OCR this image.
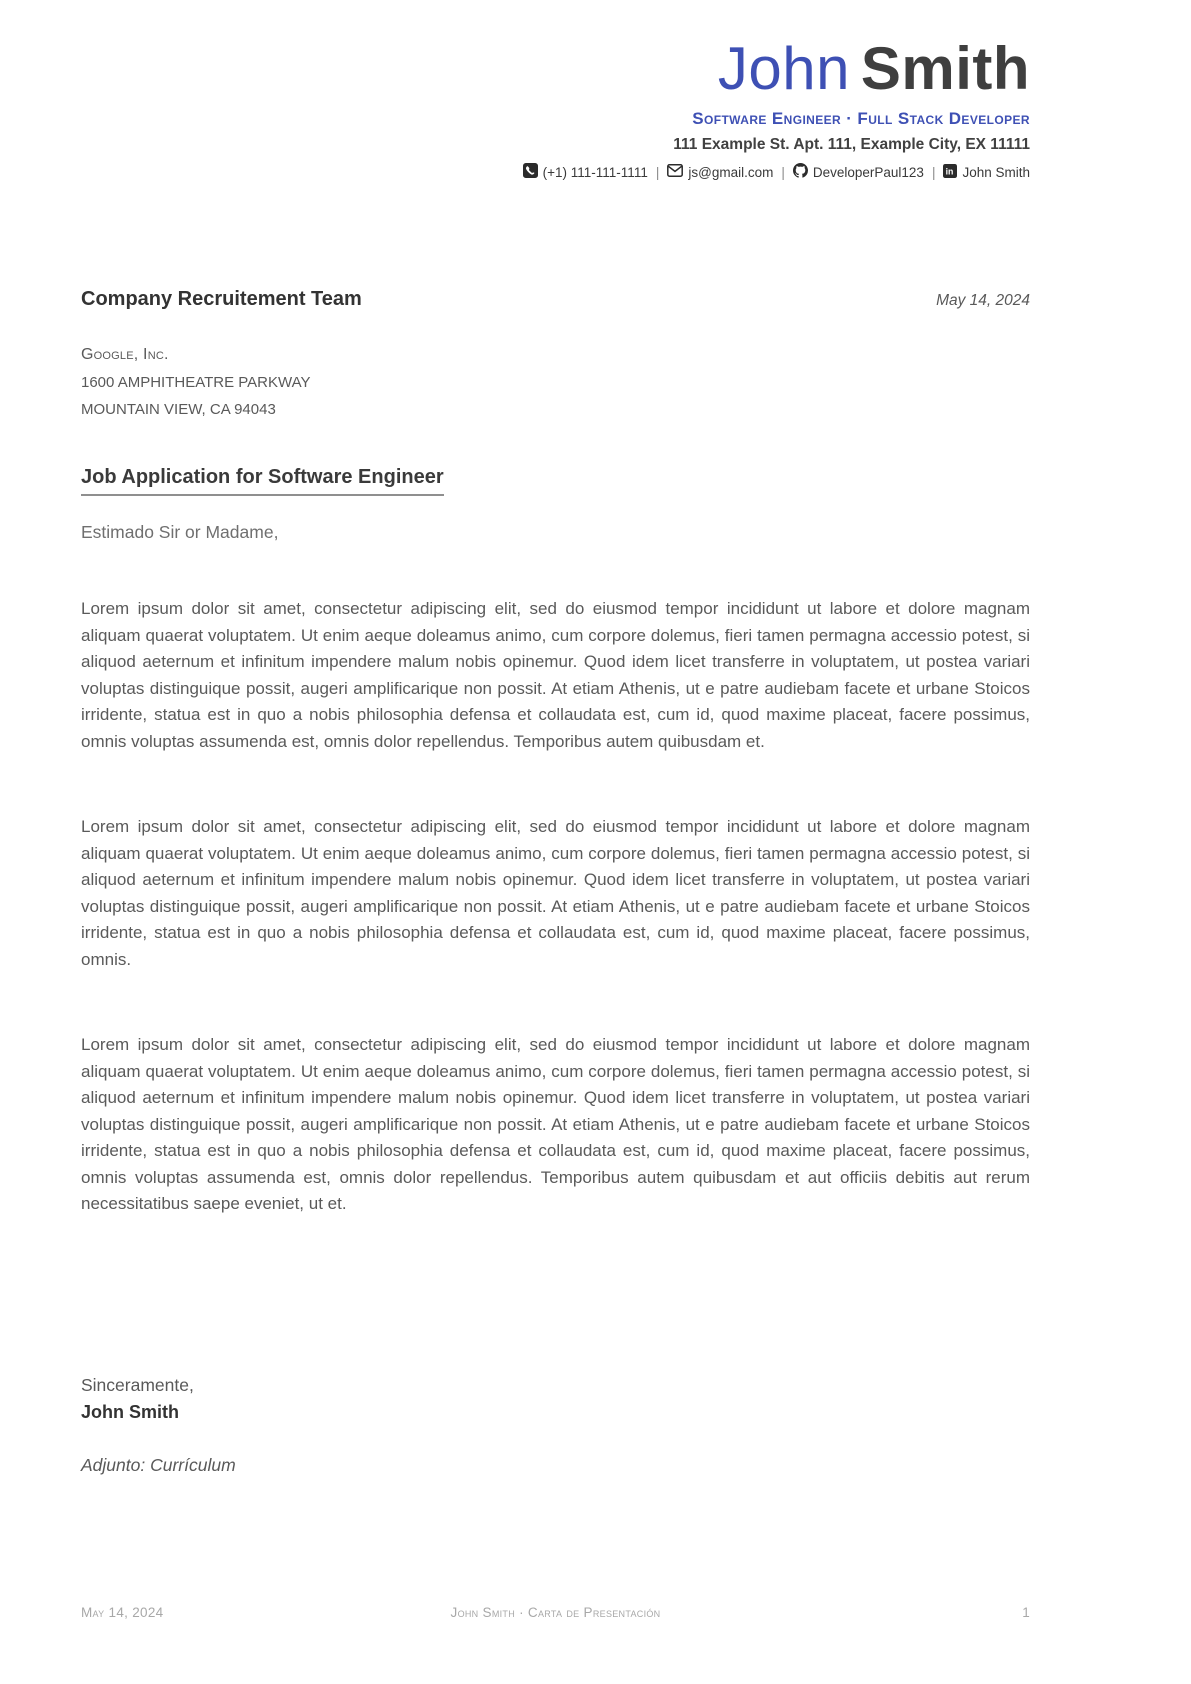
John Smith
Software Engineer · Full Stack Developer
111 Example St. Apt. 111, Example City, EX 11111
(+1) 111-111-1111 | js@gmail.com | DeveloperPaul123 | in John Smith
Company Recruitement Team	May 14, 2024
Google, Inc.
1600 AMPHITHEATRE PARKWAY
MOUNTAIN VIEW, CA 94043
Job Application for Software Engineer
Estimado Sir or Madame,

Lorem ipsum dolor sit amet, consectetur adipiscing elit, sed do eiusmod tempor incididunt ut labore et dolore magnam aliquam quaerat voluptatem. Ut enim aeque doleamus animo, cum corpore dolemus, fieri tamen permagna accessio potest, si aliquod aeternum et infinitum impendere malum nobis opinemur. Quod idem licet transferre in voluptatem, ut postea variari voluptas distinguique possit, augeri amplificarique non possit. At etiam Athenis, ut e patre audiebam facete et urbane Stoicos irridente, statua est in quo a nobis philosophia defensa et collaudata est, cum id, quod maxime placeat, facere possimus, omnis voluptas assumenda est, omnis dolor repellendus. Temporibus autem quibusdam et.

Lorem ipsum dolor sit amet, consectetur adipiscing elit, sed do eiusmod tempor incididunt ut labore et dolore magnam aliquam quaerat voluptatem. Ut enim aeque doleamus animo, cum corpore dolemus, fieri tamen permagna accessio potest, si aliquod aeternum et infinitum impendere malum nobis opinemur. Quod idem licet transferre in voluptatem, ut postea variari voluptas distinguique possit, augeri amplificarique non possit. At etiam Athenis, ut e patre audiebam facete et urbane Stoicos irridente, statua est in quo a nobis philosophia defensa et collaudata est, cum id, quod maxime placeat, facere possimus, omnis.

Lorem ipsum dolor sit amet, consectetur adipiscing elit, sed do eiusmod tempor incididunt ut labore et dolore magnam aliquam quaerat voluptatem. Ut enim aeque doleamus animo, cum corpore dolemus, fieri tamen permagna accessio potest, si aliquod aeternum et infinitum impendere malum nobis opinemur. Quod idem licet transferre in voluptatem, ut postea variari voluptas distinguique possit, augeri amplificarique non possit. At etiam Athenis, ut e patre audiebam facete et urbane Stoicos irridente, statua est in quo a nobis philosophia defensa et collaudata est, cum id, quod maxime placeat, facere possimus, omnis voluptas assumenda est, omnis dolor repellendus. Temporibus autem quibusdam et aut officiis debitis aut rerum necessitatibus saepe eveniet, ut et.

Sinceramente,
John Smith
Adjunto: Currículum
May 14, 2024	John Smith · Carta de Presentación	1
